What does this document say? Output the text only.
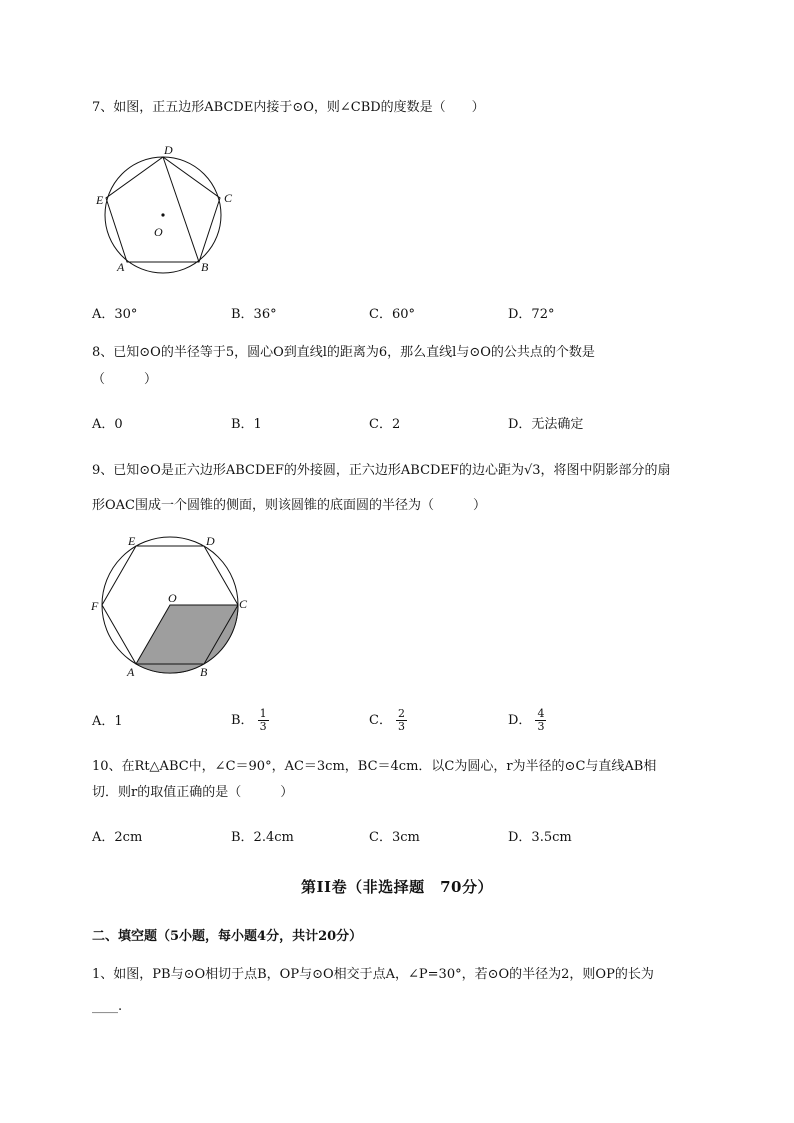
7、如图，正五边形ABCDE内接于⊙O，则∠CBD的度数是（　　）
D
C
E
O
A	B
A．30°	B．36°	C．60°	D．72°
8、已知⊙O的半径等于5，圆心O到直线l的距离为6，那么直线l与⊙O的公共点的个数是
（　　　）
A．0	B．1	C．2	D．无法确定
9、已知⊙O是正六边形ABCDEF的外接圆，正六边形ABCDEF的边心距为√3，将图中阴影部分的扇
形OAC围成一个圆锥的侧面，则该圆锥的底面圆的半径为（　　　）
E	D
F
O	C
A	B
A．1	B． $\frac{1}{3}$	C． $\frac{2}{3}$	D． $\frac{4}{3}$
10、在Rt△ABC中，∠C＝90°，AC＝3cm，BC＝4cm．以C为圆心，r为半径的⊙C与直线AB相
切．则r的取值正确的是（　　　）
A．2cm	B．2.4cm	C．3cm	D．3.5cm
第II卷（非选择题　70分）
二、填空题（5小题，每小题4分，共计20分）
1、如图，PB与⊙O相切于点B，OP与⊙O相交于点A，∠P=30°，若⊙O的半径为2，则OP的长为
____.
